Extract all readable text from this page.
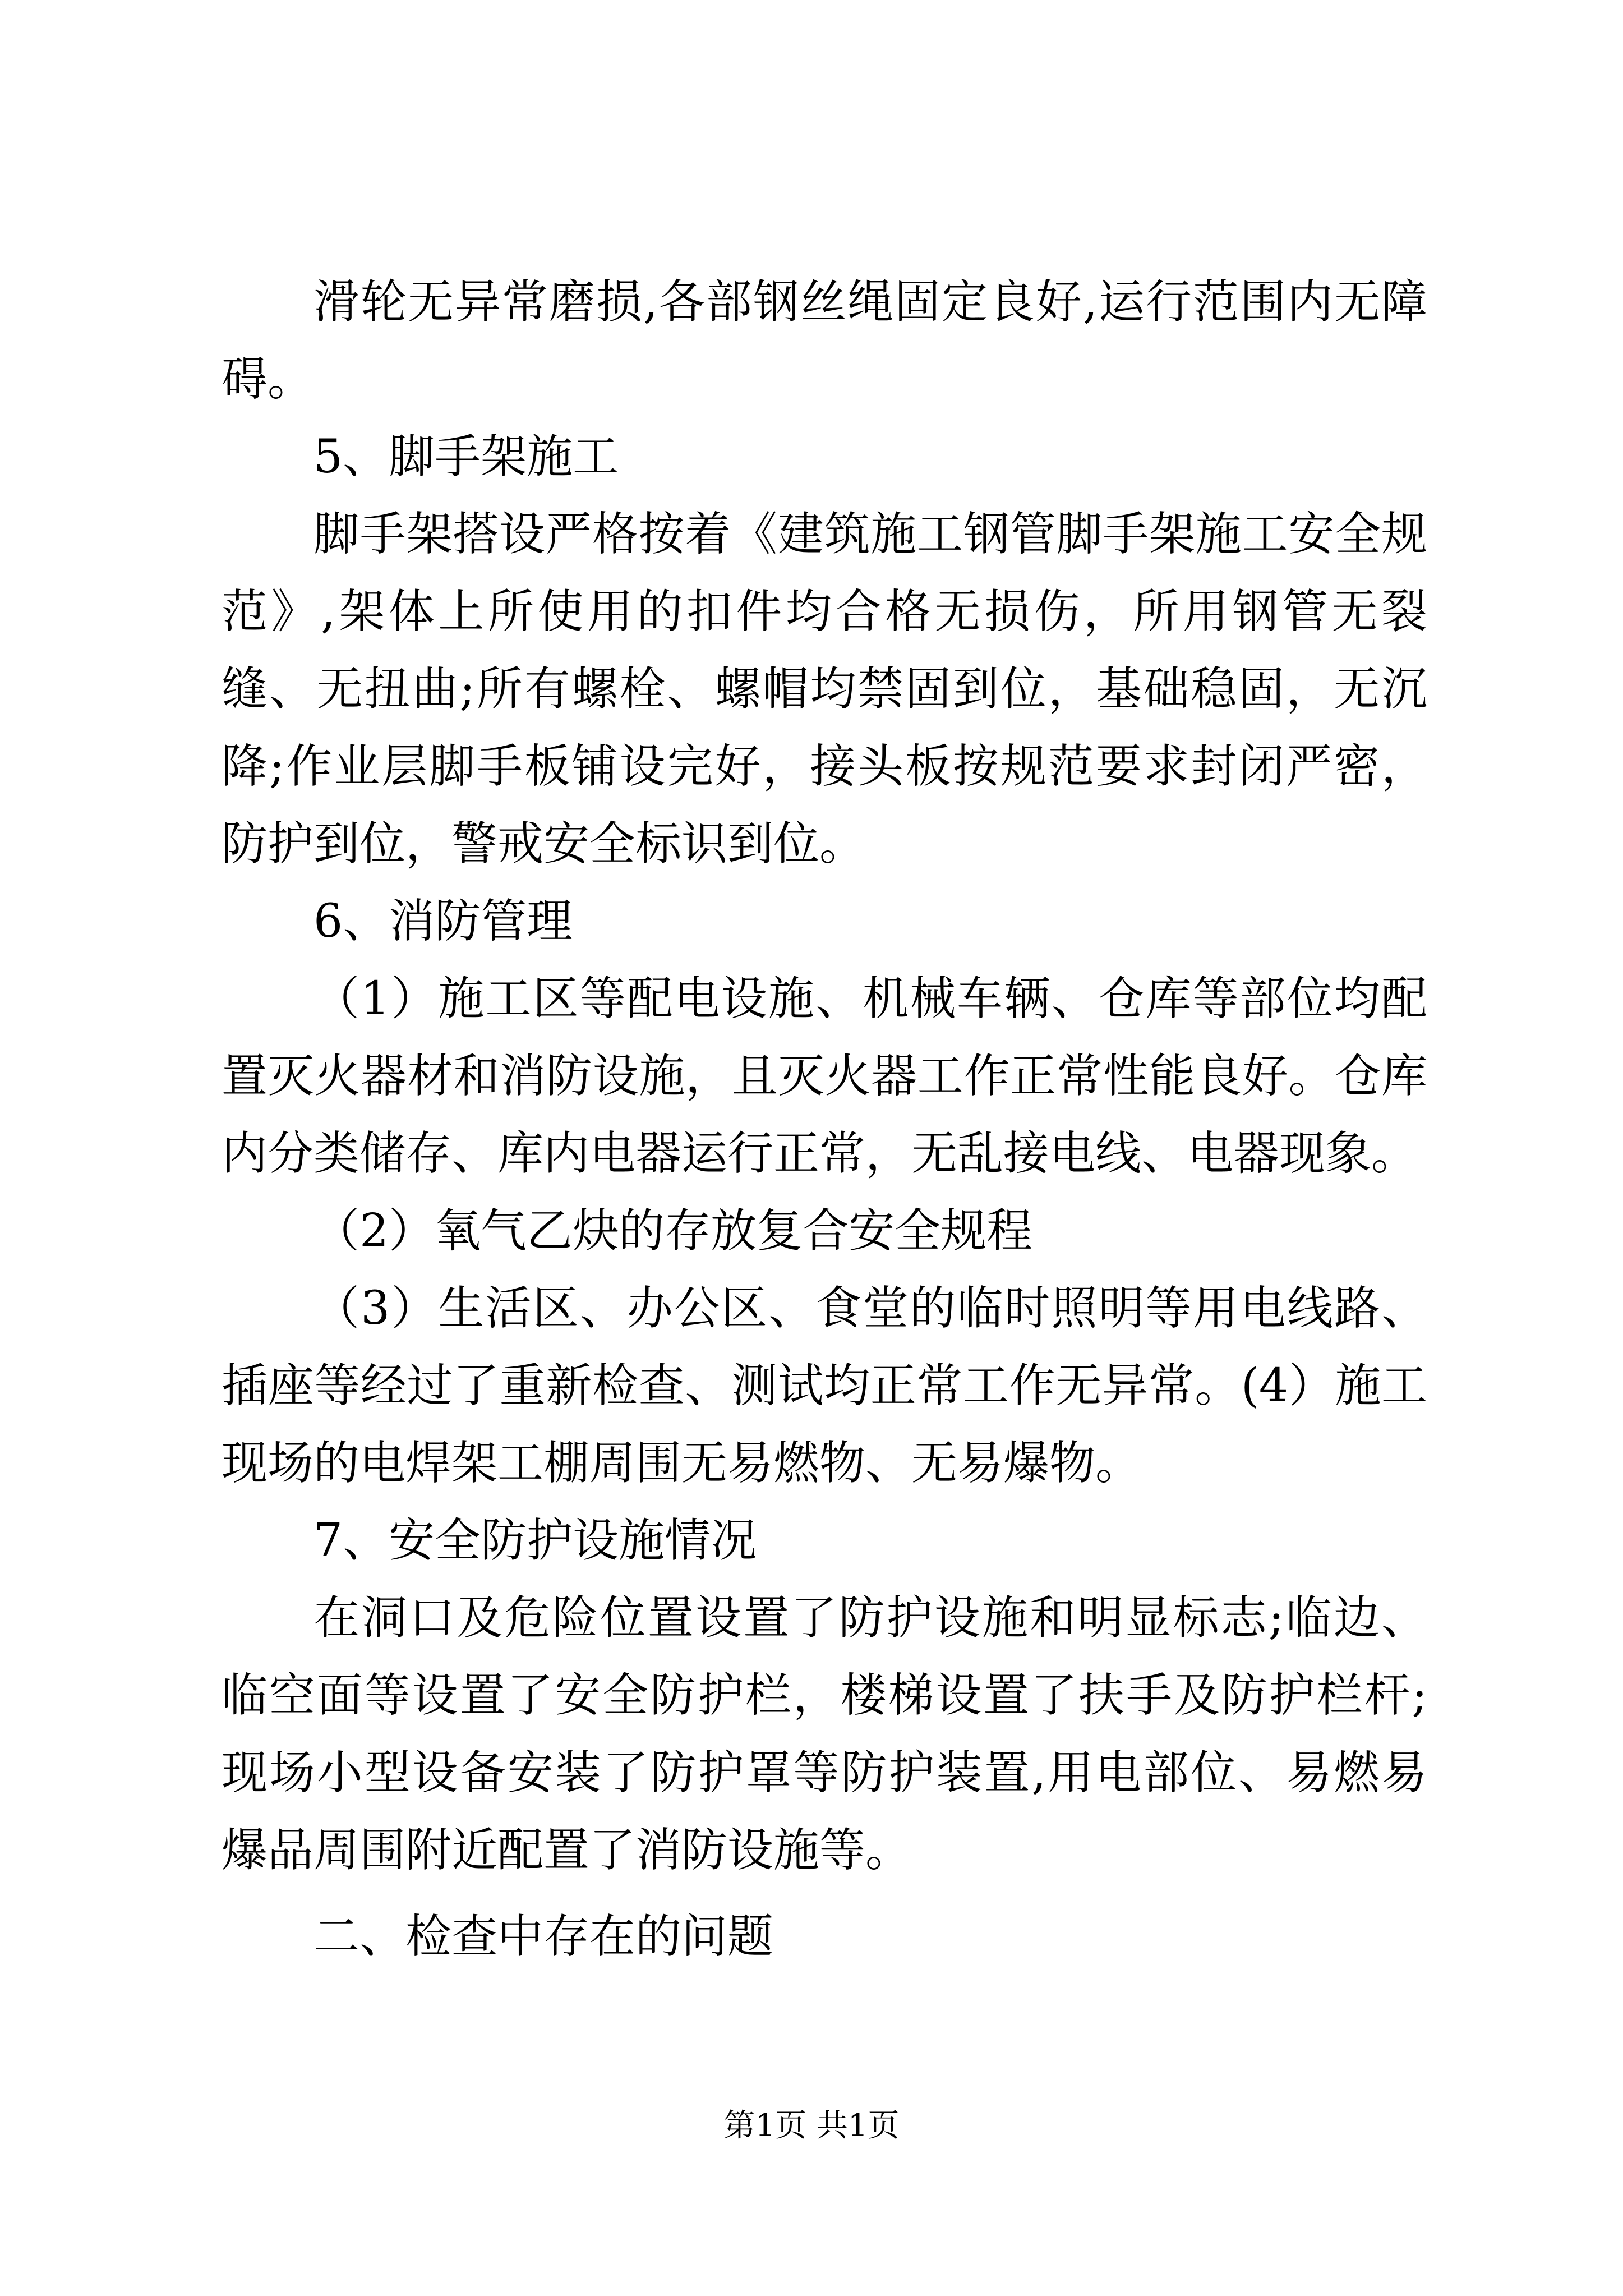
滑轮无异常磨损,各部钢丝绳固定良好,运行范围内无障碍。

5、脚手架施工

脚手架搭设严格按着《建筑施工钢管脚手架施工安全规范》,架体上所使用的扣件均合格无损伤，所用钢管无裂缝、无扭曲;所有螺栓、螺帽均禁固到位，基础稳固，无沉降;作业层脚手板铺设完好，接头板按规范要求封闭严密，防护到位，警戒安全标识到位。

6、消防管理

（1）施工区等配电设施、机械车辆、仓库等部位均配置灭火器材和消防设施，且灭火器工作正常性能良好。仓库内分类储存、库内电器运行正常，无乱接电线、电器现象。

（2）氧气乙炔的存放复合安全规程

（3）生活区、办公区、食堂的临时照明等用电线路、插座等经过了重新检查、测试均正常工作无异常。(4）施工现场的电焊架工棚周围无易燃物、无易爆物。

7、安全防护设施情况

在洞口及危险位置设置了防护设施和明显标志;临边、临空面等设置了安全防护栏，楼梯设置了扶手及防护栏杆;现场小型设备安装了防护罩等防护装置,用电部位、易燃易爆品周围附近配置了消防设施等。

二、检查中存在的问题

第1页 共1页
